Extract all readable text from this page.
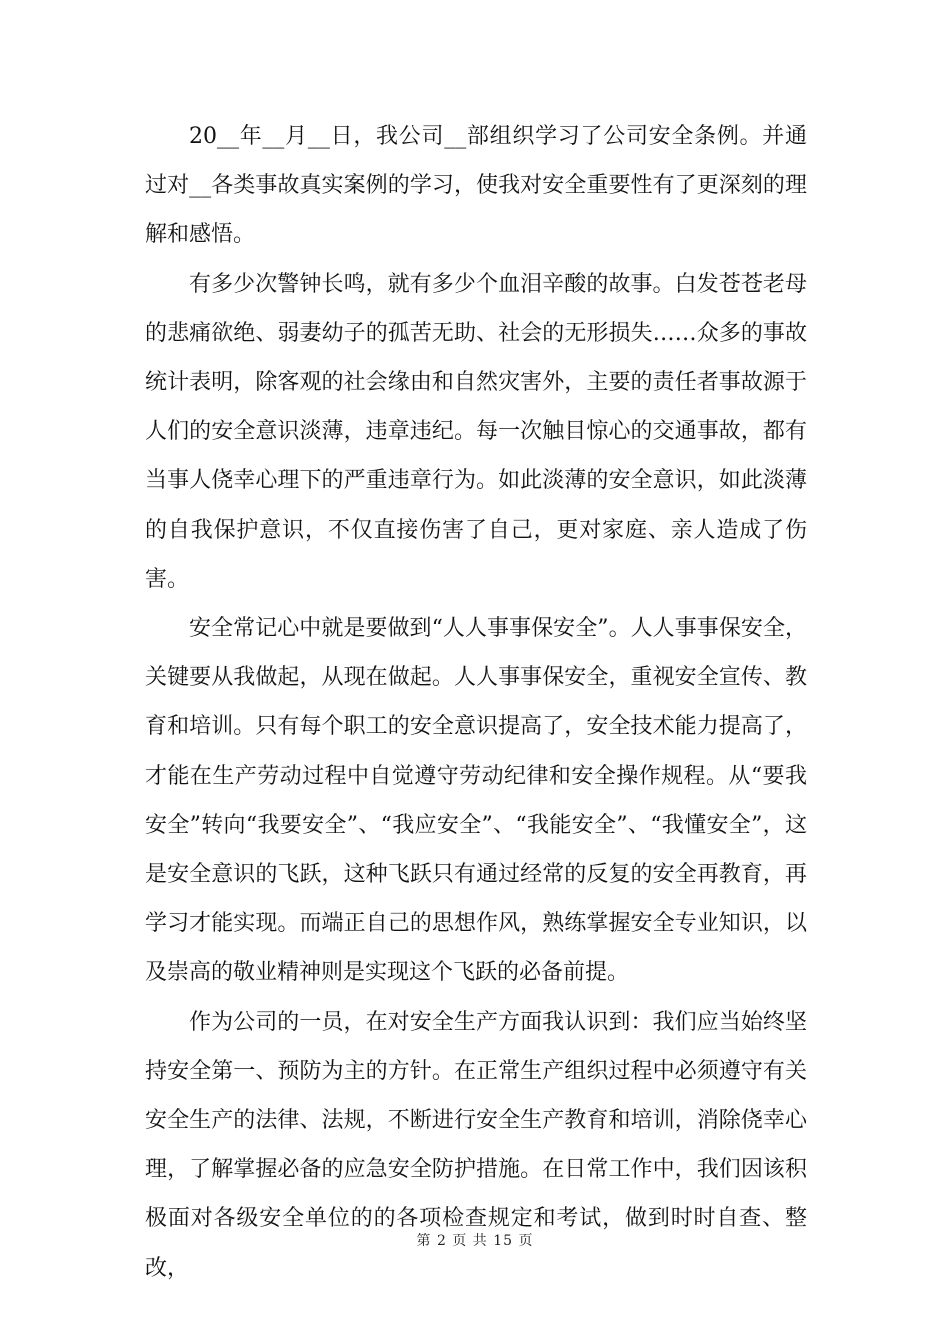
20__年__月__日，我公司__部组织学习了公司安全条例。并通过对__各类事故真实案例的学习，使我对安全重要性有了更深刻的理解和感悟。

有多少次警钟长鸣，就有多少个血泪辛酸的故事。白发苍苍老母的悲痛欲绝、弱妻幼子的孤苦无助、社会的无形损失……众多的事故统计表明，除客观的社会缘由和自然灾害外，主要的责任者事故源于人们的安全意识淡薄，违章违纪。每一次触目惊心的交通事故，都有当事人侥幸心理下的严重违章行为。如此淡薄的安全意识，如此淡薄的自我保护意识，不仅直接伤害了自己，更对家庭、亲人造成了伤害。

安全常记心中就是要做到“人人事事保安全”。人人事事保安全，关键要从我做起，从现在做起。人人事事保安全，重视安全宣传、教育和培训。只有每个职工的安全意识提高了，安全技术能力提高了，才能在生产劳动过程中自觉遵守劳动纪律和安全操作规程。从“要我安全”转向“我要安全”、“我应安全”、“我能安全”、“我懂安全”，这是安全意识的飞跃，这种飞跃只有通过经常的反复的安全再教育，再学习才能实现。而端正自己的思想作风，熟练掌握安全专业知识，以及崇高的敬业精神则是实现这个飞跃的必备前提。

作为公司的一员，在对安全生产方面我认识到：我们应当始终坚持安全第一、预防为主的方针。在正常生产组织过程中必须遵守有关安全生产的法律、法规，不断进行安全生产教育和培训，消除侥幸心理，了解掌握必备的应急安全防护措施。在日常工作中，我们因该积极面对各级安全单位的的各项检查规定和考试，做到时时自查、整改，

第 2 页 共 15 页
